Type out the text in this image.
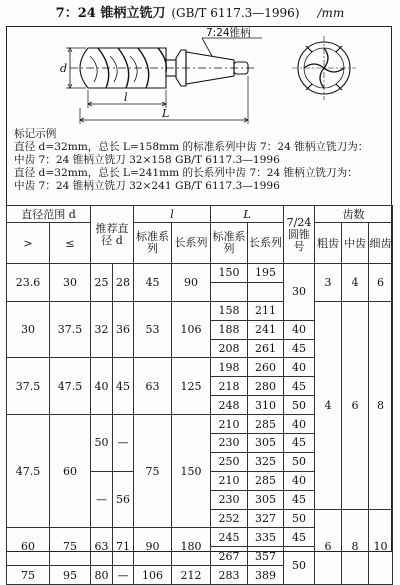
7：24 锥柄立铣刀 (GB/T 6117.3—1996) /mm
7:24锥柄
d
l
L
标记示例
直径 d=32mm，总长 L=158mm 的标准系列中齿 7：24 锥柄立铣刀为：
中齿 7：24 锥柄立铣刀 32×158 GB/T 6117.3—1996
直径 d=32mm，总长 L=241mm 的长系列中齿 7：24 锥柄立铣刀为：
中齿 7：24 锥柄立铣刀 32×241 GB/T 6117.3—1996
直径范围 d		推荐直径 d		l		L		7/24圆锥号	齿数		
>	≤			标准系列	长系列	标准系列	长系列		粗齿	中齿	细齿
23.6	30	25	28	45	90	150	195	30	3	4	6

30	37.5	32	36	53	106	158	211		4	6	8
						188	241	40			
						208	261	45			
37.5	47.5	40	45	63	125	198	260	40			
						218	280	45			
						248	310	50			
47.5	60	50	—	75	150	210	285	40			
						230	305	45			
						250	325	50			
		—	56			210	285	40			
						230	305	45			
						252	327	50	6	8	10
60	75	63	71	90	180	245	335	45			
						267	357	50			
75	95	80	—	106	212	283	389				
